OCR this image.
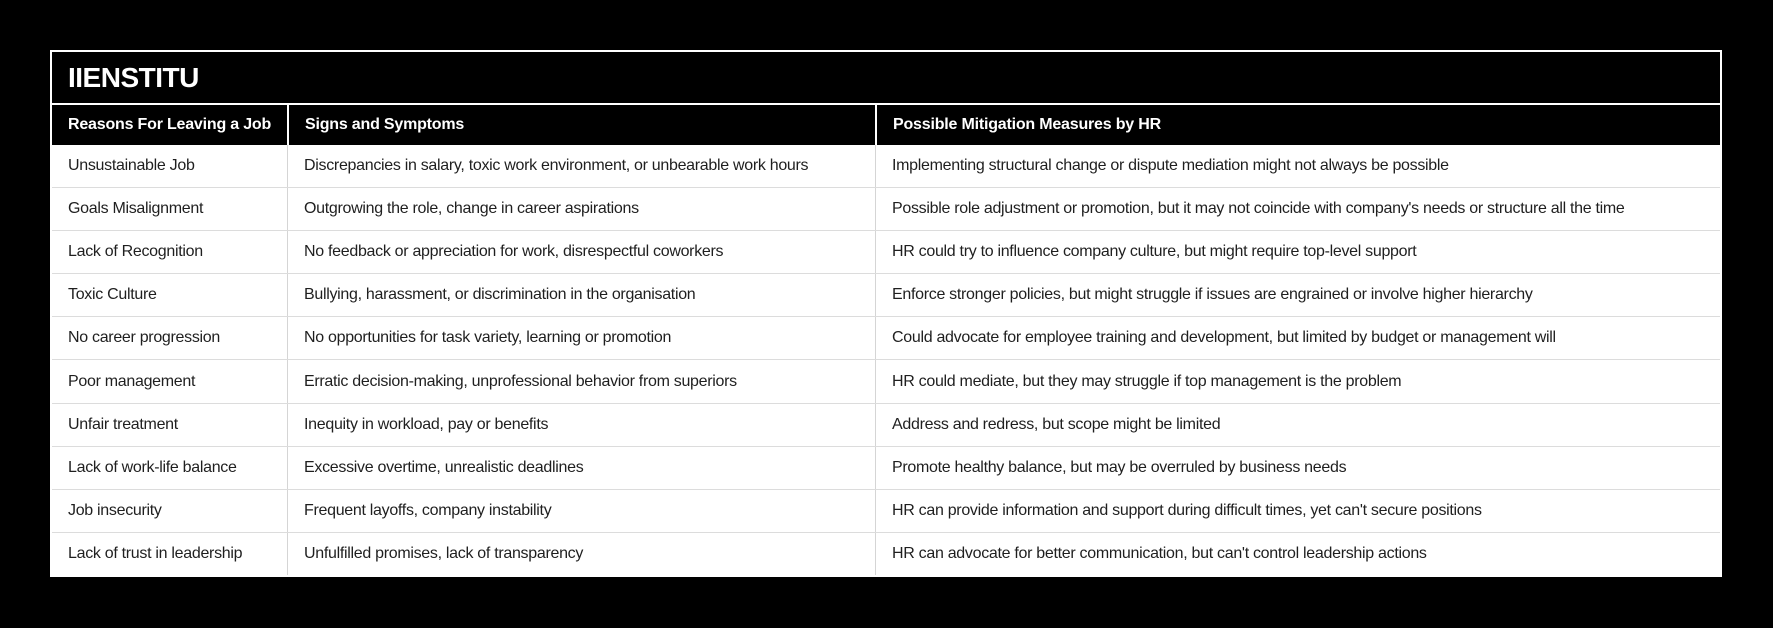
IIENSTITU
Reasons For Leaving a Job	Signs and Symptoms	Possible Mitigation Measures by HR
Unsustainable Job	Discrepancies in salary, toxic work environment, or unbearable work hours	Implementing structural change or dispute mediation might not always be possible
Goals Misalignment	Outgrowing the role, change in career aspirations	Possible role adjustment or promotion, but it may not coincide with company's needs or structure all the time
Lack of Recognition	No feedback or appreciation for work, disrespectful coworkers	HR could try to influence company culture, but might require top-level support
Toxic Culture	Bullying, harassment, or discrimination in the organisation	Enforce stronger policies, but might struggle if issues are engrained or involve higher hierarchy
No career progression	No opportunities for task variety, learning or promotion	Could advocate for employee training and development, but limited by budget or management will
Poor management	Erratic decision-making, unprofessional behavior from superiors	HR could mediate, but they may struggle if top management is the problem
Unfair treatment	Inequity in workload, pay or benefits	Address and redress, but scope might be limited
Lack of work-life balance	Excessive overtime, unrealistic deadlines	Promote healthy balance, but may be overruled by business needs
Job insecurity	Frequent layoffs, company instability	HR can provide information and support during difficult times, yet can't secure positions
Lack of trust in leadership	Unfulfilled promises, lack of transparency	HR can advocate for better communication, but can't control leadership actions
